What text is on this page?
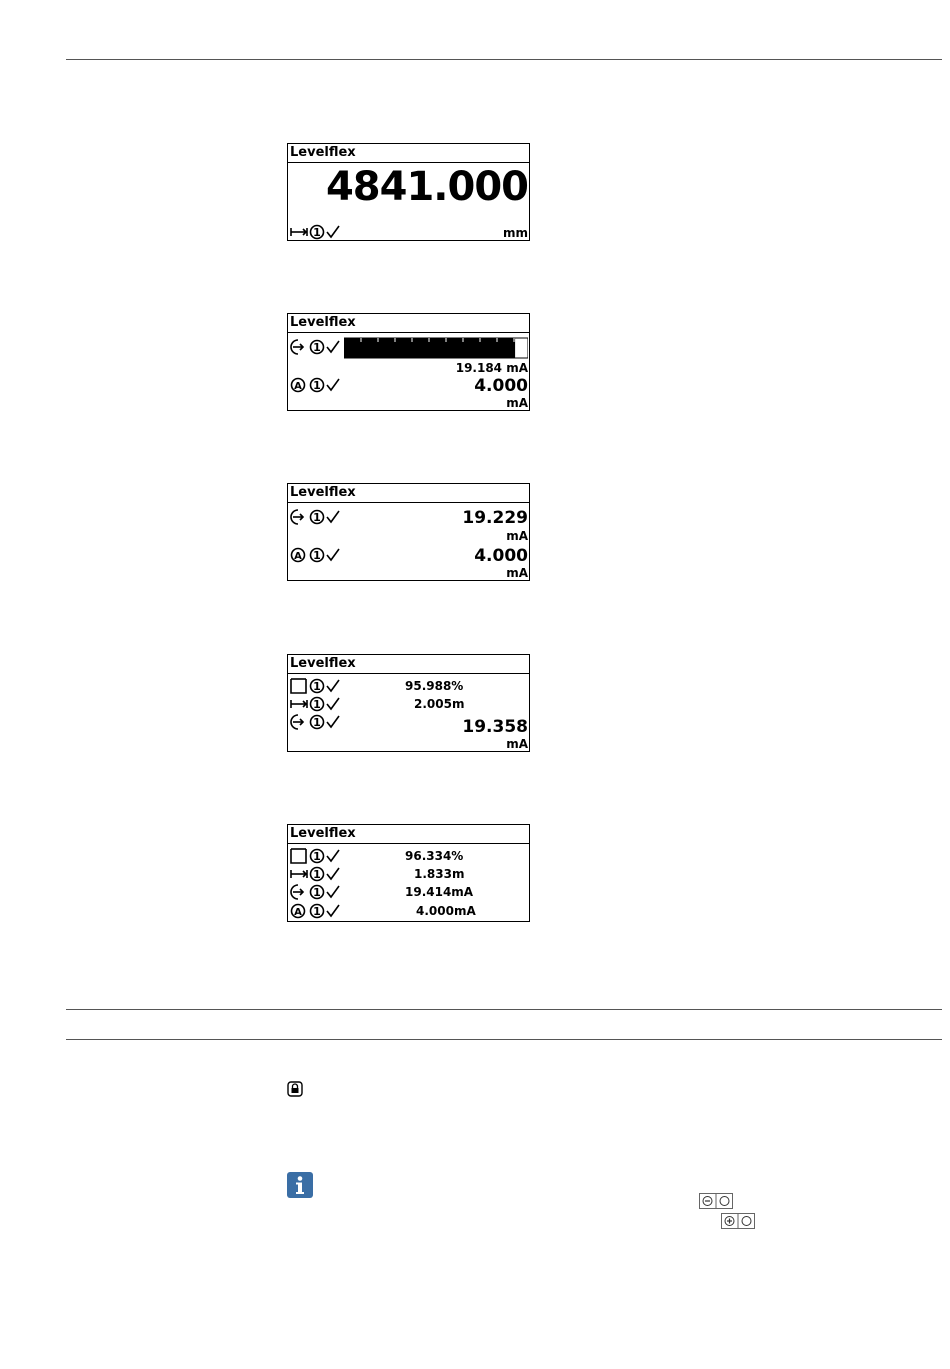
Levelflex
4841.000
1	mm
Levelflex
1
19.184 mA
A 1	4.000
mA
Levelflex
1	19.229
mA
A 1	4.000
mA
Levelflex
1	95.988%
1	2.005m
1	19.358
mA
Levelflex
1	96.334%
1	1.833m
1	19.414mA
A 1	4.000mA
